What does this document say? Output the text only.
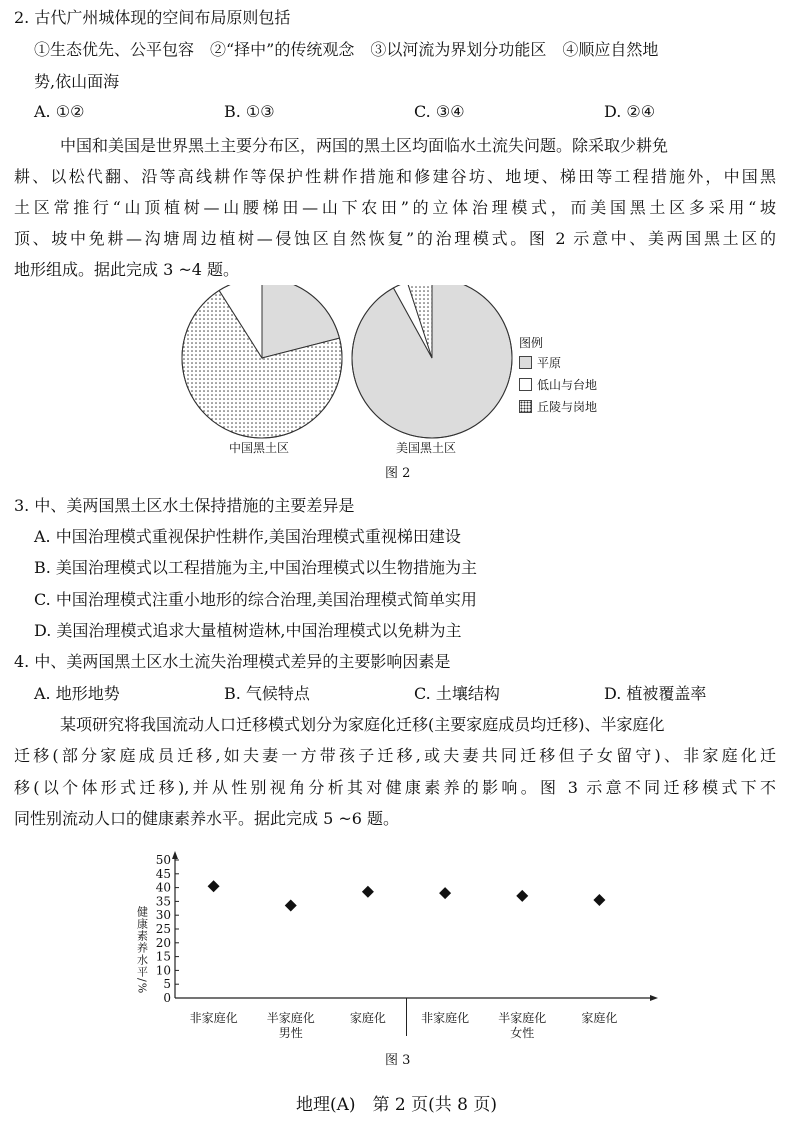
2. 古代广州城体现的空间布局原则包括
①生态优先、公平包容　②“择中”的传统观念　③以河流为界划分功能区　④顺应自然地
势,依山面海
A. ①②	B. ①③	C. ③④	D. ②④
中国和美国是世界黑土主要分布区，两国的黑土区均面临水土流失问题。除采取少耕免
耕、以松代翻、沿等高线耕作等保护性耕作措施和修建谷坊、地埂、梯田等工程措施外，中国黑
土区常推行“山顶植树—山腰梯田—山下农田”的立体治理模式，而美国黑土区多采用“坡
顶、坡中免耕—沟塘周边植树—侵蚀区自然恢复”的治理模式。图 2 示意中、美两国黑土区的
地形组成。据此完成 3 ~4 题。
中国黑土区	美国黑土区
图例
平原
低山与台地
丘陵与岗地
图 2
3. 中、美两国黑土区水土保持措施的主要差异是
A. 中国治理模式重视保护性耕作,美国治理模式重视梯田建设
B. 美国治理模式以工程措施为主,中国治理模式以生物措施为主
C. 中国治理模式注重小地形的综合治理,美国治理模式简单实用
D. 美国治理模式追求大量植树造林,中国治理模式以免耕为主
4. 中、美两国黑土区水土流失治理模式差异的主要影响因素是
A. 地形地势	B. 气候特点	C. 土壤结构	D. 植被覆盖率
某项研究将我国流动人口迁移模式划分为家庭化迁移(主要家庭成员均迁移)、半家庭化
迁移(部分家庭成员迁移,如夫妻一方带孩子迁移,或夫妻共同迁移但子女留守)、非家庭化迁
移(以个体形式迁移),并从性别视角分析其对健康素养的影响。图 3 示意不同迁移模式下不
同性别流动人口的健康素养水平。据此完成 5 ~6 题。
0
5
10
15
20
25
30
35
40
45
50
健康素养水平/%
非家庭化 半家庭化	家庭化	非家庭化 半家庭化	家庭化
男性	女性
图 3
地理(A)　第 2 页(共 8 页)
